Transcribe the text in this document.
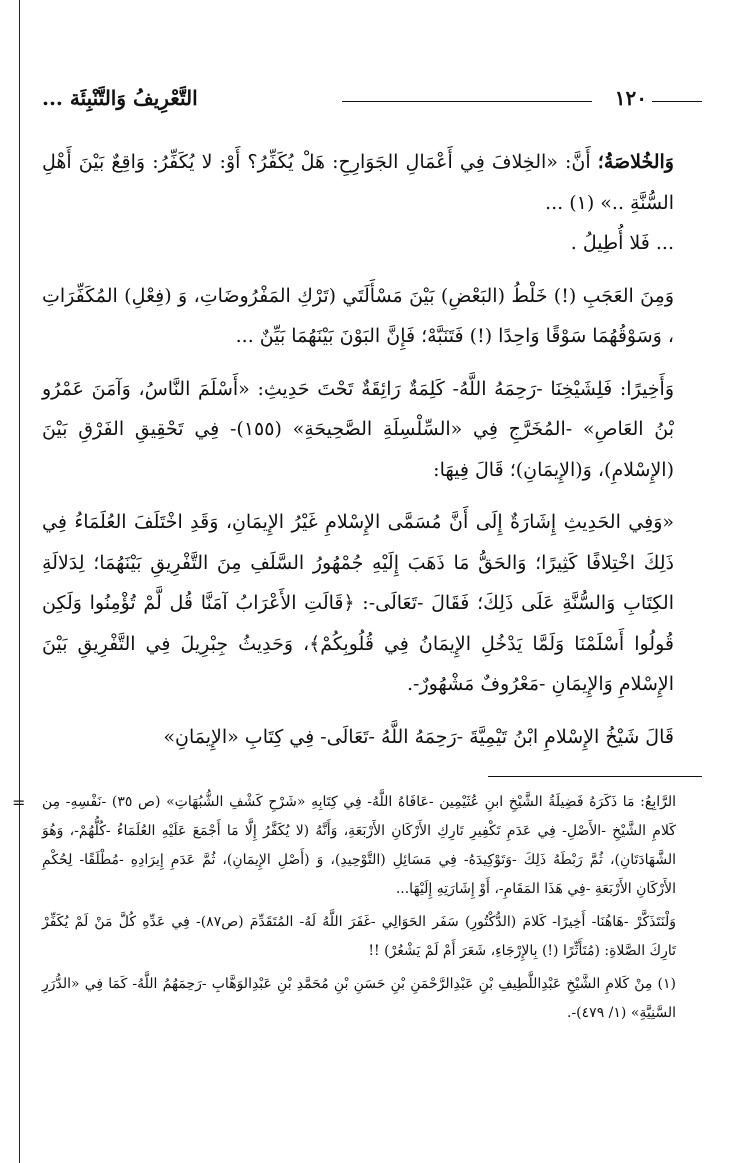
١٢٠
التَّعْرِيفُ وَالتَّنْبِئَة ...

وَالخُلاصَةُ؛ أَنَّ: «الخِلافَ فِي أَعْمَالِ الجَوَارِحِ: هَلْ يُكَفِّرُ؟ أَوْ: لا يُكَفِّرُ: وَاقِعٌ بَيْنَ أَهْلِ السُّنَّةِ ..» (١) ...

... فَلا أُطِيلُ .

وَمِنَ العَجَبِ (!) خَلْطُ (البَعْضِ) بَيْنَ مَسْأَلَتَي (تَرْكِ المَفْرُوضَاتِ، وَ (فِعْلِ) المُكَفِّرَاتِ ، وَسَوْقُهُمَا سَوْقًا وَاحِدًا (!) فَتَنَبَّهْ؛ فَإِنَّ البَوْنَ بَيْنَهُمَا بَيِّنٌ ...

وَأَخِيرًا: فَلِشَيْخِنَا -رَحِمَهُ اللَّهُ- كَلِمَةٌ رَائِقَةٌ تَحْتَ حَدِيثِ: «أَسْلَمَ النَّاسُ، وَآمَنَ عَمْرُو بْنُ العَاصِ» -المُخَرَّجِ فِي «السِّلْسِلَةِ الصَّحِيحَةِ» (١٥٥)- فِي تَحْقِيقِ الفَرْقِ بَيْنَ (الإِسْلامِ)، وَ(الإِيمَانِ)؛ قَالَ فِيهَا:

«وَفِي الحَدِيثِ إِشَارَةٌ إِلَى أَنَّ مُسَمَّى الإِسْلامِ غَيْرُ الإِيمَانِ، وَقَدِ اخْتَلَفَ العُلَمَاءُ فِي ذَلِكَ اخْتِلافًا كَثِيرًا؛ وَالحَقُّ مَا ذَهَبَ إِلَيْهِ جُمْهُورُ السَّلَفِ مِنَ التَّفْرِيقِ بَيْنَهُمَا؛ لِدَلالَةِ الكِتَابِ وَالسُّنَّةِ عَلَى ذَلِكَ؛ فَقَالَ -تَعَالَى-: ﴿قَالَتِ الأَعْرَابُ آمَنَّا قُل لَّمْ تُؤْمِنُوا وَلَكِن قُولُوا أَسْلَمْنَا وَلَمَّا يَدْخُلِ الإِيمَانُ فِي قُلُوبِكُمْ﴾، وَحَدِيثُ جِبْرِيلَ فِي التَّفْرِيقِ بَيْنَ الإِسْلامِ وَالإِيمَانِ -مَعْرُوفٌ مَشْهُورٌ-.

قَالَ شَيْخُ الإِسْلامِ ابْنُ تَيْمِيَّةَ -رَحِمَهُ اللَّهُ -تَعَالَى- فِي كِتَابِ «الإِيمَانِ»

= الرَّابِعُ: مَا ذَكَرَهُ فَضِيلَةُ الشَّيْخِ ابنِ عُثَيْمِين -عَافَاهُ اللَّهُ- فِي كِتَابِهِ «شَرْحِ كَشْفِ الشُّبُهَاتِ» (ص ٣٥) -نَفْسِهِ- مِن كَلامِ الشَّيْخِ -الأَصْلِ- فِي عَدَمِ تَكْفِيرِ تَارِكِ الأَرْكَانِ الأَرْبَعَةِ، وَأَنَّهُ (لا يُكَفَّرُ إِلَّا مَا أَجْمَعَ عَلَيْهِ العُلَمَاءُ -كُلُّهُمْ-، وَهُوَ الشَّهَادَتَانِ)، ثُمَّ رَبْطَهُ ذَلِكَ -وَتَوْكِيدَهُ- فِي مَسَائِلِ (التَّوْحِيدِ)، وَ (أَصْلِ الإِيمَانِ)، ثُمَّ عَدَمِ إِيرَادِهِ -مُطْلَقًا- لِحُكْمِ الأَرْكَانِ الأَرْبَعَةِ -فِي هَذَا المَقَامِ-، أَوْ إِشَارَتِهِ إِلَيْهَا...

وَلْنَتَذَكَّرْ -هَاهُنَا- أَخِيرًا- كَلامَ (الدُّكْتُورِ) سَفَر الحَوَالِي -غَفَرَ اللَّهُ لَهُ- المُتَقَدِّمَ (ص٨٧)- فِي عَدِّهِ كُلَّ مَنْ لَمْ يُكَفِّرْ تَارِكَ الصَّلاةِ: (مُتَأَثِّرًا (!) بِالإِرْجَاءِ، شَعَرَ أَمْ لَمْ يَشْعُرْ) !!

(١) مِنْ كَلامِ الشَّيْخِ عَبْدِاللَّطِيفِ بْنِ عَبْدِالرَّحْمَنِ بْنِ حَسَنِ بْنِ مُحَمَّدِ بْنِ عَبْدِالوَهَّابِ -رَحِمَهُمُ اللَّهُ- كَمَا فِي «الدُّرَرِ السَّنِيَّةِ» (١/ ٤٧٩)-.
